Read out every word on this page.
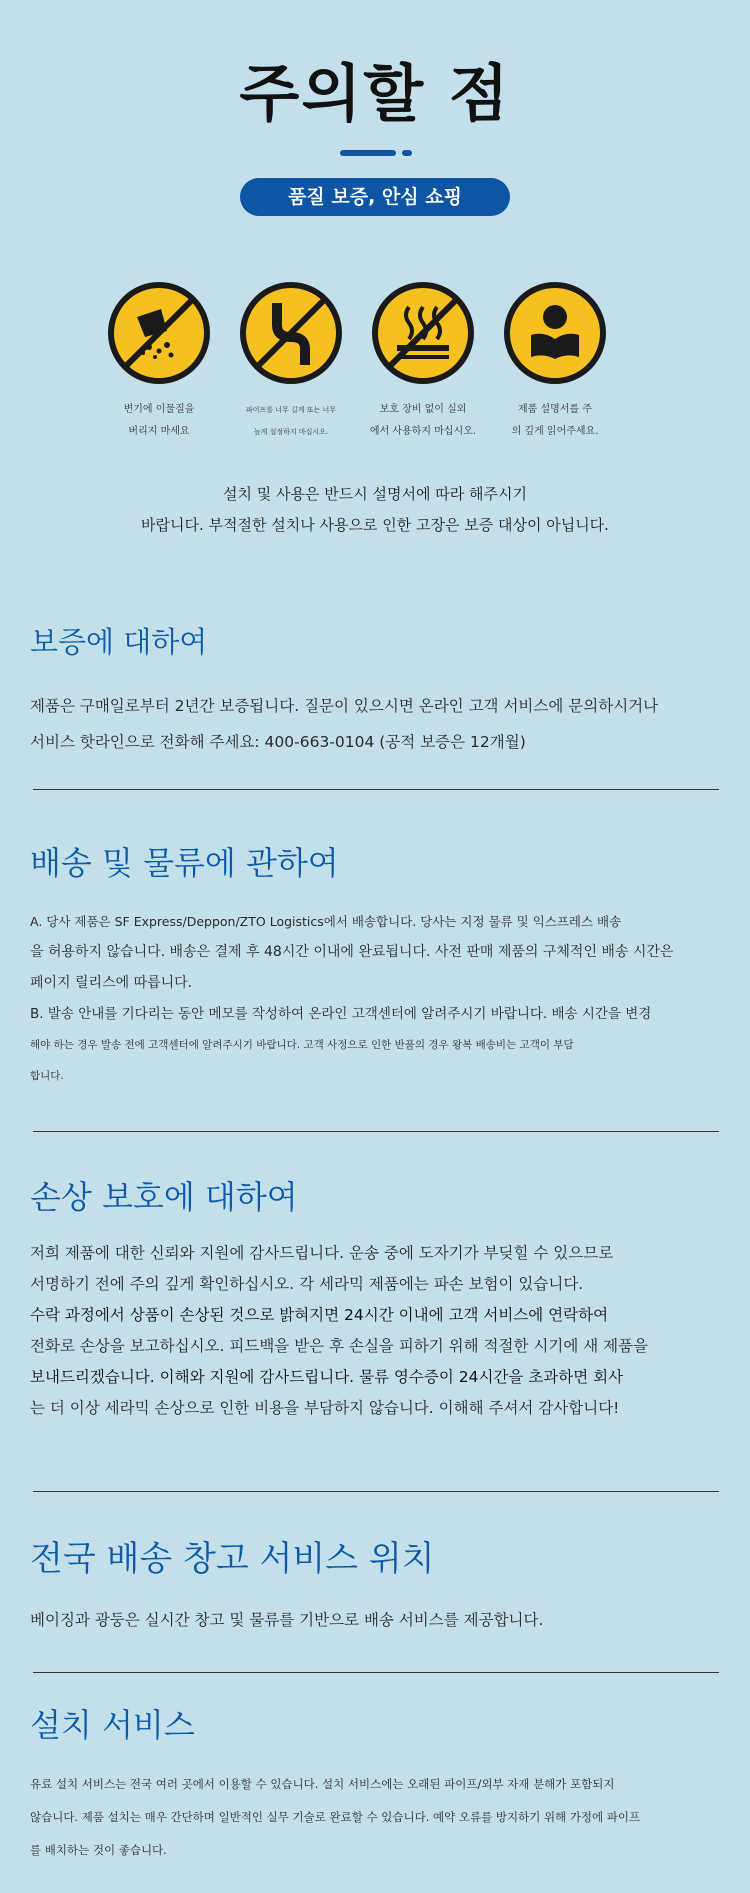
주의할 점
품질 보증, 안심 쇼핑
변기에 이물질을
버리지 마세요
파이프를 너무 길게 또는 너무
높게 설정하지 마십시오.
보호 장비 없이 실외
에서 사용하지 마십시오.
제품 설명서를 주
의 깊게 읽어주세요.
설치 및 사용은 반드시 설명서에 따라 해주시기
바랍니다. 부적절한 설치나 사용으로 인한 고장은 보증 대상이 아닙니다.
보증에 대하여
제품은 구매일로부터 2년간 보증됩니다. 질문이 있으시면 온라인 고객 서비스에 문의하시거나
서비스 핫라인으로 전화해 주세요: 400-663-0104 (공적 보증은 12개월)
배송 및 물류에 관하여
A. 당사 제품은 SF Express/Deppon/ZTO Logistics에서 배송합니다. 당사는 지정 물류 및 익스프레스 배송
을 허용하지 않습니다. 배송은 결제 후 48시간 이내에 완료됩니다. 사전 판매 제품의 구체적인 배송 시간은
페이지 릴리스에 따릅니다.
B. 발송 안내를 기다리는 동안 메모를 작성하여 온라인 고객센터에 알려주시기 바랍니다. 배송 시간을 변경
해야 하는 경우 발송 전에 고객센터에 알려주시기 바랍니다. 고객 사정으로 인한 반품의 경우 왕복 배송비는 고객이 부담
합니다.
손상 보호에 대하여
저희 제품에 대한 신뢰와 지원에 감사드립니다. 운송 중에 도자기가 부딪힐 수 있으므로
서명하기 전에 주의 깊게 확인하십시오. 각 세라믹 제품에는 파손 보험이 있습니다.
수락 과정에서 상품이 손상된 것으로 밝혀지면 24시간 이내에 고객 서비스에 연락하여
전화로 손상을 보고하십시오. 피드백을 받은 후 손실을 피하기 위해 적절한 시기에 새 제품을
보내드리겠습니다. 이해와 지원에 감사드립니다. 물류 영수증이 24시간을 초과하면 회사
는 더 이상 세라믹 손상으로 인한 비용을 부담하지 않습니다. 이해해 주셔서 감사합니다!
전국 배송 창고 서비스 위치
베이징과 광둥은 실시간 창고 및 물류를 기반으로 배송 서비스를 제공합니다.
설치 서비스
유료 설치 서비스는 전국 여러 곳에서 이용할 수 있습니다. 설치 서비스에는 오래된 파이프/외부 자재 분해가 포함되지
않습니다. 제품 설치는 매우 간단하며 일반적인 실무 기술로 완료할 수 있습니다. 예약 오류를 방지하기 위해 가정에 파이프
를 배치하는 것이 좋습니다.
